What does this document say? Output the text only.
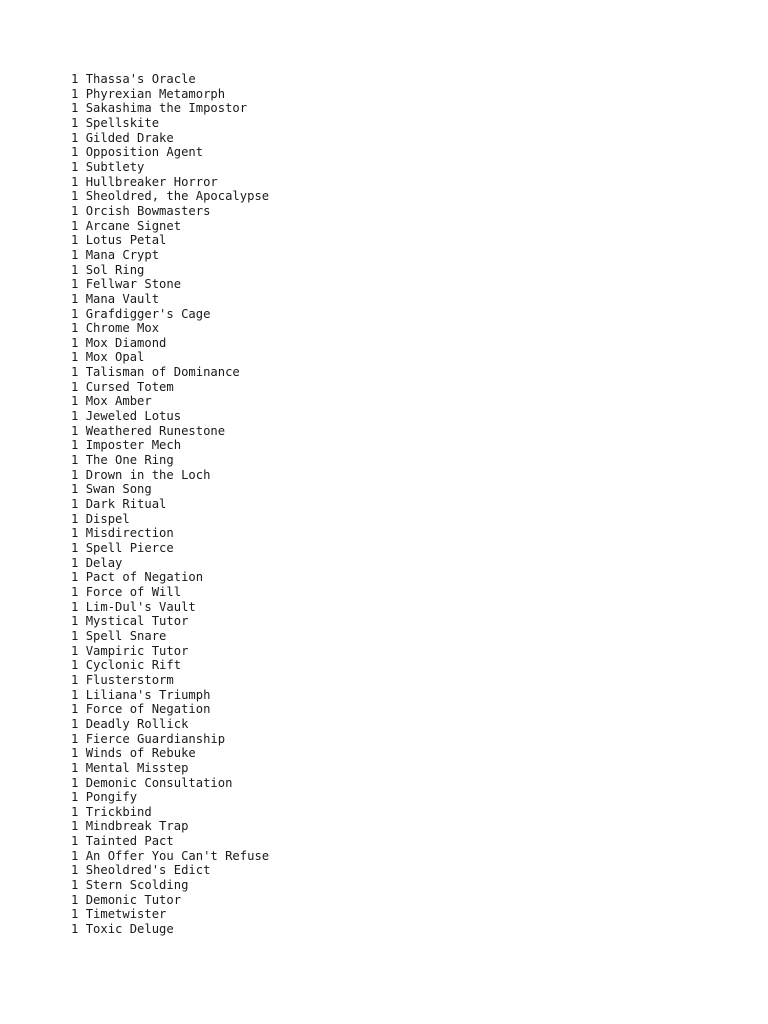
1 Thassa's Oracle
1 Phyrexian Metamorph
1 Sakashima the Impostor
1 Spellskite
1 Gilded Drake
1 Opposition Agent
1 Subtlety
1 Hullbreaker Horror
1 Sheoldred, the Apocalypse
1 Orcish Bowmasters
1 Arcane Signet
1 Lotus Petal
1 Mana Crypt
1 Sol Ring
1 Fellwar Stone
1 Mana Vault
1 Grafdigger's Cage
1 Chrome Mox
1 Mox Diamond
1 Mox Opal
1 Talisman of Dominance
1 Cursed Totem
1 Mox Amber
1 Jeweled Lotus
1 Weathered Runestone
1 Imposter Mech
1 The One Ring
1 Drown in the Loch
1 Swan Song
1 Dark Ritual
1 Dispel
1 Misdirection
1 Spell Pierce
1 Delay
1 Pact of Negation
1 Force of Will
1 Lim-Dul's Vault
1 Mystical Tutor
1 Spell Snare
1 Vampiric Tutor
1 Cyclonic Rift
1 Flusterstorm
1 Liliana's Triumph
1 Force of Negation
1 Deadly Rollick
1 Fierce Guardianship
1 Winds of Rebuke
1 Mental Misstep
1 Demonic Consultation
1 Pongify
1 Trickbind
1 Mindbreak Trap
1 Tainted Pact
1 An Offer You Can't Refuse
1 Sheoldred's Edict
1 Stern Scolding
1 Demonic Tutor
1 Timetwister
1 Toxic Deluge
